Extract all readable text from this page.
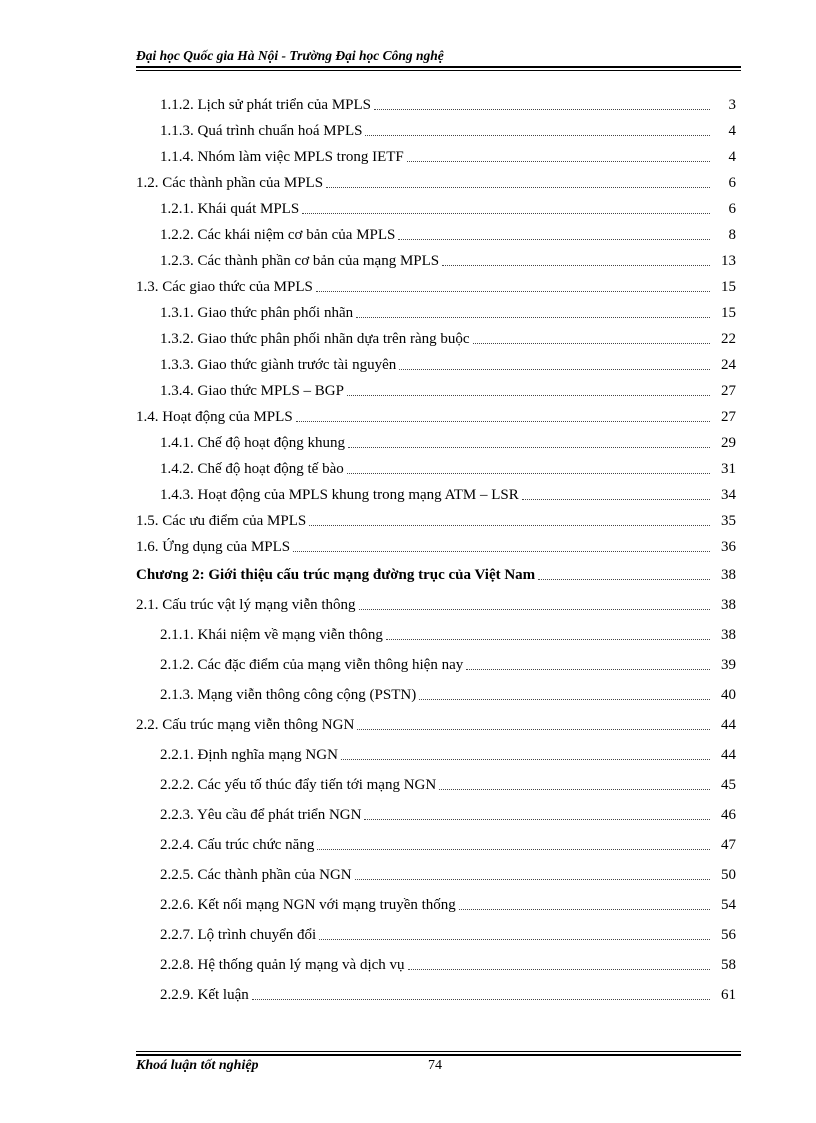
Đại học Quốc gia Hà Nội - Trường Đại học Công nghệ
1.1.2. Lịch sử phát triển của MPLS	3
1.1.3. Quá trình chuẩn hoá MPLS	4
1.1.4. Nhóm làm việc MPLS trong IETF	4
1.2. Các thành phần của MPLS	6
1.2.1. Khái quát MPLS	6
1.2.2. Các khái niệm cơ bản của MPLS	8
1.2.3. Các thành phần cơ bản của mạng MPLS	13
1.3. Các giao thức của MPLS	15
1.3.1. Giao thức phân phối nhãn	15
1.3.2. Giao thức phân phối nhãn dựa trên ràng buộc	22
1.3.3. Giao thức giành trước tài nguyên	24
1.3.4. Giao thức MPLS – BGP	27
1.4. Hoạt động của MPLS	27
1.4.1. Chế độ hoạt động khung	29
1.4.2. Chế độ hoạt động tế bào	31
1.4.3. Hoạt động của MPLS khung trong mạng ATM – LSR	34
1.5. Các ưu điểm của MPLS	35
1.6. Ứng dụng của MPLS	36
Chương 2: Giới thiệu cấu trúc mạng đường trục của Việt Nam	38
2.1. Cấu trúc vật lý mạng viễn thông	38
2.1.1. Khái niệm về mạng viễn thông	38
2.1.2. Các đặc điểm của mạng viễn thông hiện nay	39
2.1.3. Mạng viễn thông công cộng (PSTN)	40
2.2. Cấu trúc mạng viễn thông NGN	44
2.2.1. Định nghĩa mạng NGN	44
2.2.2. Các yếu tố thúc đẩy tiến tới mạng NGN	45
2.2.3. Yêu cầu để phát triển NGN	46
2.2.4. Cấu trúc chức năng	47
2.2.5. Các thành phần của NGN	50
2.2.6. Kết nối mạng NGN với mạng truyền thống	54
2.2.7. Lộ trình chuyển đổi	56
2.2.8. Hệ thống quản lý mạng và dịch vụ	58
2.2.9. Kết luận	61
Khoá luận tốt nghiệp	74
